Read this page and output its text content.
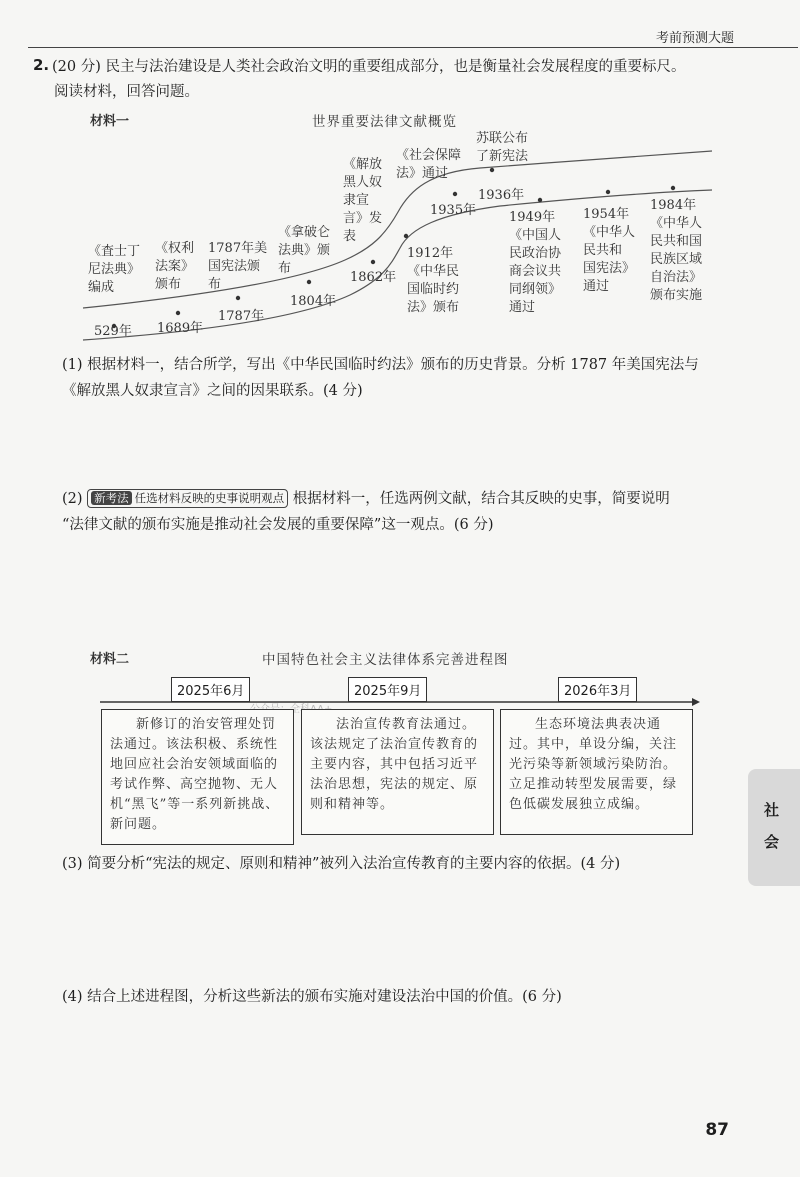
考前预测大题
2. (20 分) 民主与法治建设是人类社会政治文明的重要组成部分，也是衡量社会发展程度的重要标尺。
阅读材料，回答问题。
材料一	世界重要法律文献概览
《査士丁
尼法典》
编成
529年
《权利
法案》
颁布
1689年
1787年美
国宪法颁
布
1787年
《拿破仑
法典》颁
布
1804年
《解放
黑人奴
隶宣
言》发
表
1862年
1912年
《中华民
国临时约
法》颁布
《社会保障
法》通过
1935年
苏联公布
了新宪法
1936年
1949年
《中国人
民政治协
商会议共
同纲领》
通过
1954年
《中华人
民共和
国宪法》
通过
1984年
《中华人
民共和国
民族区域
自治法》
颁布实施
(1) 根据材料一，结合所学，写出《中华民国临时约法》颁布的历史背景。分析 1787 年美国宪法与
《解放黑人奴隶宣言》之间的因果联系。(4 分)
(2) 新考法 任选材料反映的史事说明观点 根据材料一，任选两例文献，结合其反映的史事，简要说明
“法律文献的颁布实施是推动社会发展的重要保障”这一观点。(6 分)
材料二	中国特色社会主义法律体系完善进程图
2025年6月	2025年9月	2026年3月
新修订的治安管理处罚法通过。该法积极、系统性地回应社会治安领域面临的考试作弊、高空抛物、无人机“黑飞”等一系列新挑战、新问题。
法治宣传教育法通过。该法规定了法治宣传教育的主要内容，其中包括习近平法治思想，宪法的规定、原则和精神等。
生态环境法典表决通过。其中，单设分编，关注光污染等新领域污染防治。立足推动转型发展需要，绿色低碳发展独立成编。
(3) 简要分析“宪法的规定、原则和精神”被列入法治宣传教育的主要内容的依据。(4 分)
(4) 结合上述进程图，分析这些新法的颁布实施对建设法治中国的价值。(6 分)
社
会
87
